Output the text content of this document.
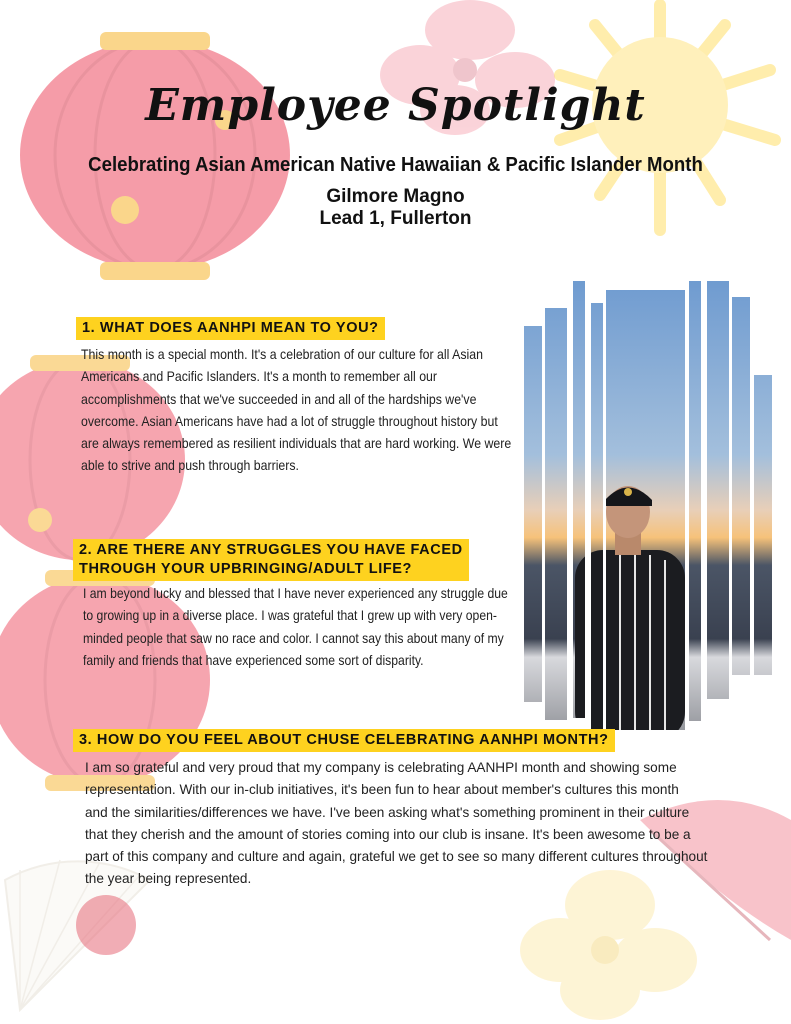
Employee Spotlight
Celebrating Asian American Native Hawaiian & Pacific Islander Month
Gilmore Magno
Lead 1, Fullerton
1. WHAT DOES AANHPI MEAN TO YOU?
This month is a special month. It's a celebration of our culture for all Asian
Americans and Pacific Islanders. It's a month to remember all our
accomplishments that we've succeeded in and all of the hardships we've
overcome. Asian Americans have had a lot of struggle throughout history but
are always remembered as resilient individuals that are hard working. We were
able to strive and push through barriers.
2. ARE THERE ANY STRUGGLES YOU HAVE FACED
THROUGH YOUR UPBRINGING/ADULT LIFE?
I am beyond lucky and blessed that I have never experienced any struggle due
to growing up in a diverse place. I was grateful that I grew up with very open-
minded people that saw no race and color. I cannot say this about many of my
family and friends that have experienced some sort of disparity.
3. HOW DO YOU FEEL ABOUT CHUSE CELEBRATING AANHPI MONTH?
I am so grateful and very proud that my company is celebrating AANHPI month and showing some
representation. With our in-club initiatives, it's been fun to hear about member's cultures this month
and the similarities/differences we have. I've been asking what's something prominent in their culture
that they cherish and the amount of stories coming into our club is insane. It's been awesome to be a
part of this company and culture and again, grateful we get to see so many different cultures throughout
the year being represented.
